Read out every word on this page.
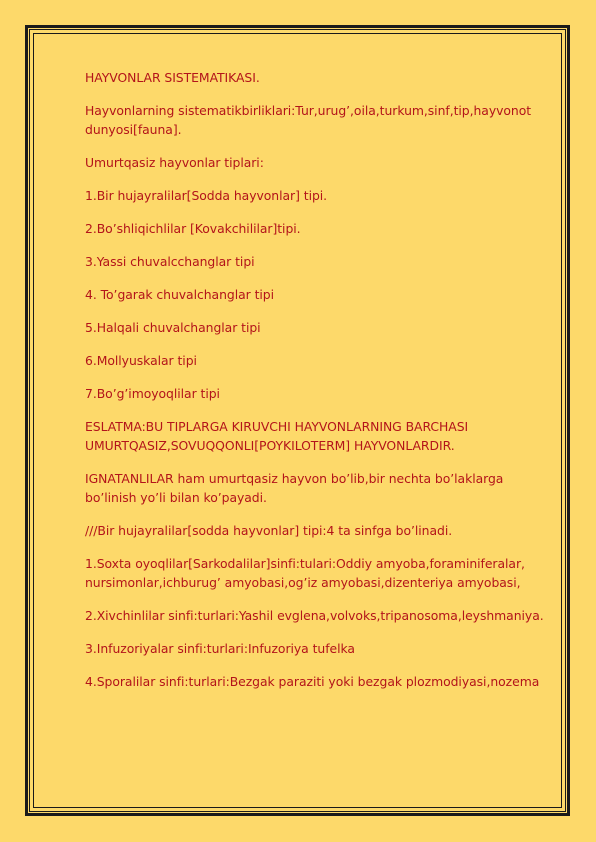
HAYVONLAR SISTEMATIKASI.

Hayvonlarning sistematikbirliklari:Tur,urug’,oila,turkum,sinf,tip,hayvonot dunyosi[fauna].

Umurtqasiz hayvonlar tiplari:

1.Bir hujayralilar[Sodda hayvonlar] tipi.

2.Bo’shliqichlilar [Kovakchililar]tipi.

3.Yassi chuvalcchanglar tipi

4. To’garak chuvalchanglar tipi

5.Halqali chuvalchanglar tipi

6.Mollyuskalar tipi

7.Bo’g’imoyoqlilar tipi

ESLATMA:BU TIPLARGA KIRUVCHI HAYVONLARNING BARCHASI UMURTQASIZ,SOVUQQONLI[POYKILOTERM] HAYVONLARDIR.

IGNATANLILAR ham umurtqasiz hayvon bo’lib,bir nechta bo’laklarga bo’linish yo’li bilan ko’payadi.

///Bir hujayralilar[sodda hayvonlar] tipi:4 ta sinfga bo’linadi.

1.Soxta oyoqlilar[Sarkodalilar]sinfi:tulari:Oddiy amyoba,foraminiferalar, nursimonlar,ichburug’ amyobasi,og’iz amyobasi,dizenteriya amyobasi,

2.Xivchinlilar sinfi:turlari:Yashil evglena,volvoks,tripanosoma,leyshmaniya.

3.Infuzoriyalar sinfi:turlari:Infuzoriya tufelka

4.Sporalilar sinfi:turlari:Bezgak paraziti yoki bezgak plozmodiyasi,nozema
